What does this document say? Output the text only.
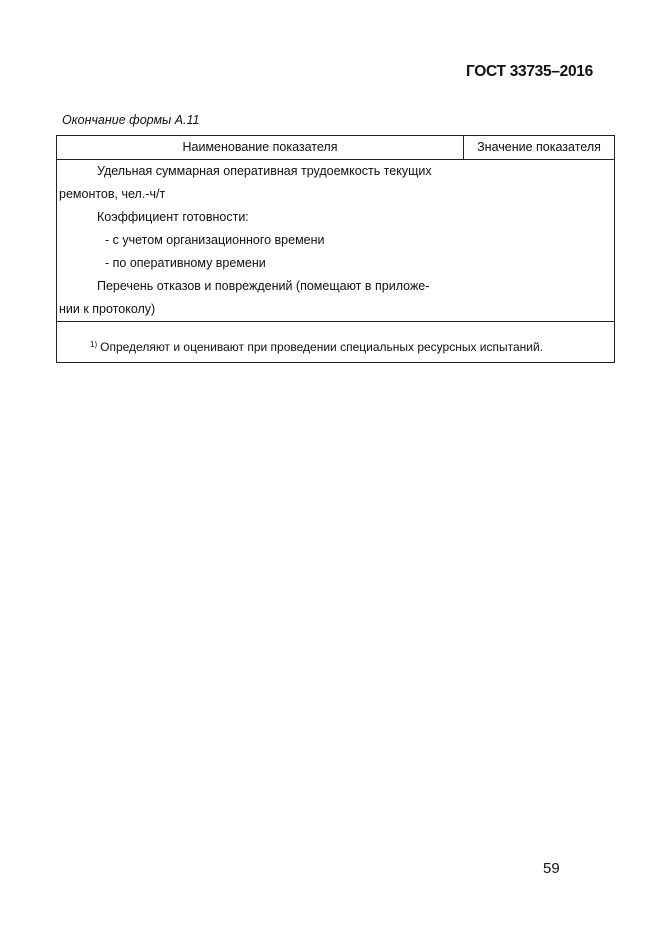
ГОСТ 33735–2016
Окончание формы А.11
Наименование показателя	Значение показателя
Удельная суммарная оперативная трудоемкость текущих
ремонтов, чел.-ч/т
Коэффициент готовности:
- с учетом организационного времени
- по оперативному времени
Перечень отказов и повреждений (помещают в приложе-
нии к протоколу)
$^{1)}$ Определяют и оценивают при проведении специальных ресурсных испытаний.
59
